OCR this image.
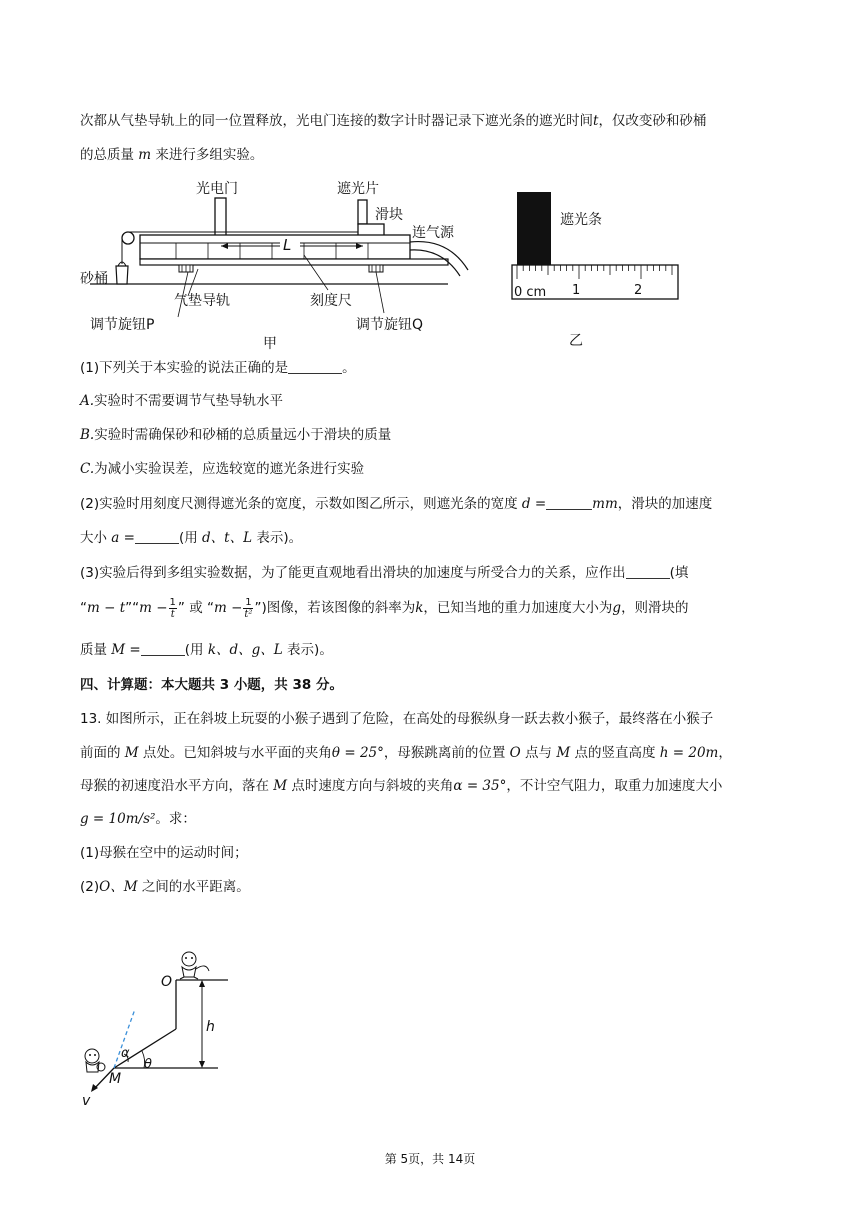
次都从气垫导轨上的同一位置释放，光电门连接的数字计时器记录下遮光条的遮光时间t，仅改变砂和砂桶
的总质量 m 来进行多组实验。
L
光电门	遮光片
滑块
连气源
砂桶
气垫导轨	刻度尺
调节旋钮P	调节旋钮Q
甲
遮光条
0 cm 1	2
乙
(1)下列关于本实验的说法正确的是	。
A.实验时不需要调节气垫导轨水平
B.实验时需确保砂和砂桶的总质量远小于滑块的质量
C.为减小实验误差，应选较宽的遮光条进行实验
(2)实验时用刻度尺测得遮光条的宽度，示数如图乙所示，则遮光条的宽度 d =	mm，滑块的加速度
大小 a =	(用 d、t、L 表示)。
(3)实验后得到多组实验数据，为了能更直观地看出滑块的加速度与所受合力的关系，应作出	(填
“m − t”“m − $\frac{1}{t}$ ” 或 “$m - \frac{1}{\text{t²}}$ ”)图像，若该图像的斜率为k，已知当地的重力加速度大小为g，则滑块的
质量 M =	(用 k、d、g、L 表示)。
四、计算题：本大题共 3 小题，共 38 分。
13. 如图所示，正在斜坡上玩耍的小猴子遇到了危险，在高处的母猴纵身一跃去救小猴子，最终落在小猴子
前面的 M 点处。已知斜坡与水平面的夹角θ = 25°，母猴跳离前的位置 O 点与 M 点的竖直高度 h = 20m，
母猴的初速度沿水平方向，落在 M 点时速度方向与斜坡的夹角α = 35°，不计空气阻力，取重力加速度大小
g = 10m/s²。求：
(1)母猴在空中的运动时间；
(2)O、M 之间的水平距离。
O
h
α
θ
M
v
第 5页，共 14页
